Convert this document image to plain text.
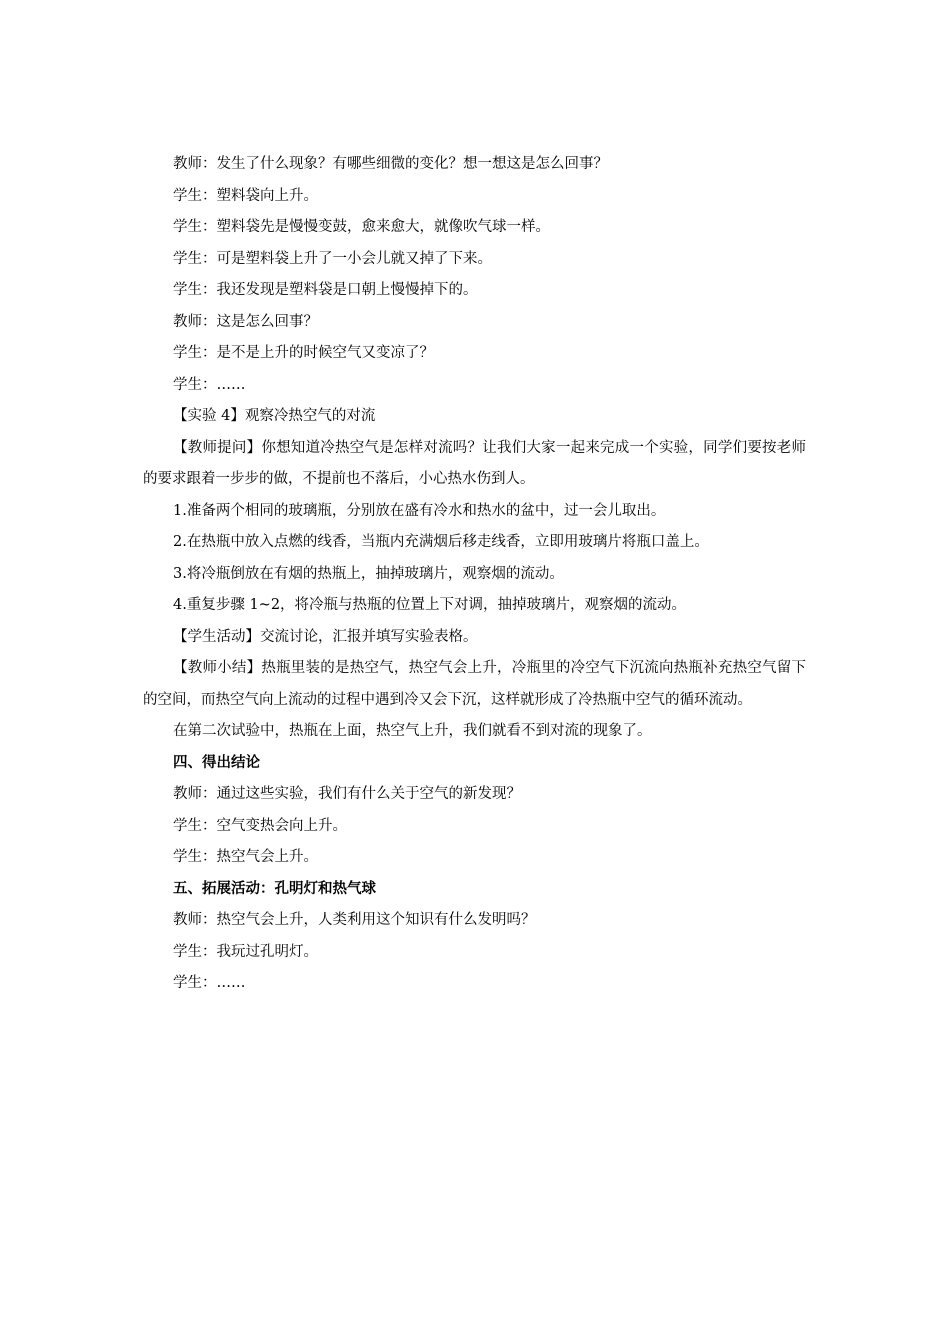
教师：发生了什么现象？有哪些细微的变化？想一想这是怎么回事？

学生：塑料袋向上升。

学生：塑料袋先是慢慢变鼓，愈来愈大，就像吹气球一样。

学生：可是塑料袋上升了一小会儿就又掉了下来。

学生：我还发现是塑料袋是口朝上慢慢掉下的。

教师：这是怎么回事？

学生：是不是上升的时候空气又变凉了？

学生：……

【实验 4】观察冷热空气的对流

【教师提问】你想知道冷热空气是怎样对流吗？让我们大家一起来完成一个实验，同学们要按老师的要求跟着一步步的做，不提前也不落后，小心热水伤到人。

1.准备两个相同的玻璃瓶，分别放在盛有冷水和热水的盆中，过一会儿取出。

2.在热瓶中放入点燃的线香，当瓶内充满烟后移走线香，立即用玻璃片将瓶口盖上。

3.将冷瓶倒放在有烟的热瓶上，抽掉玻璃片，观察烟的流动。

4.重复步骤 1~2，将冷瓶与热瓶的位置上下对调，抽掉玻璃片，观察烟的流动。

【学生活动】交流讨论，汇报并填写实验表格。

【教师小结】热瓶里装的是热空气，热空气会上升，冷瓶里的冷空气下沉流向热瓶补充热空气留下的空间，而热空气向上流动的过程中遇到冷又会下沉，这样就形成了冷热瓶中空气的循环流动。

在第二次试验中，热瓶在上面，热空气上升，我们就看不到对流的现象了。

四、得出结论

教师：通过这些实验，我们有什么关于空气的新发现？

学生：空气变热会向上升。

学生：热空气会上升。

五、拓展活动：孔明灯和热气球

教师：热空气会上升，人类利用这个知识有什么发明吗？

学生：我玩过孔明灯。

学生：……
